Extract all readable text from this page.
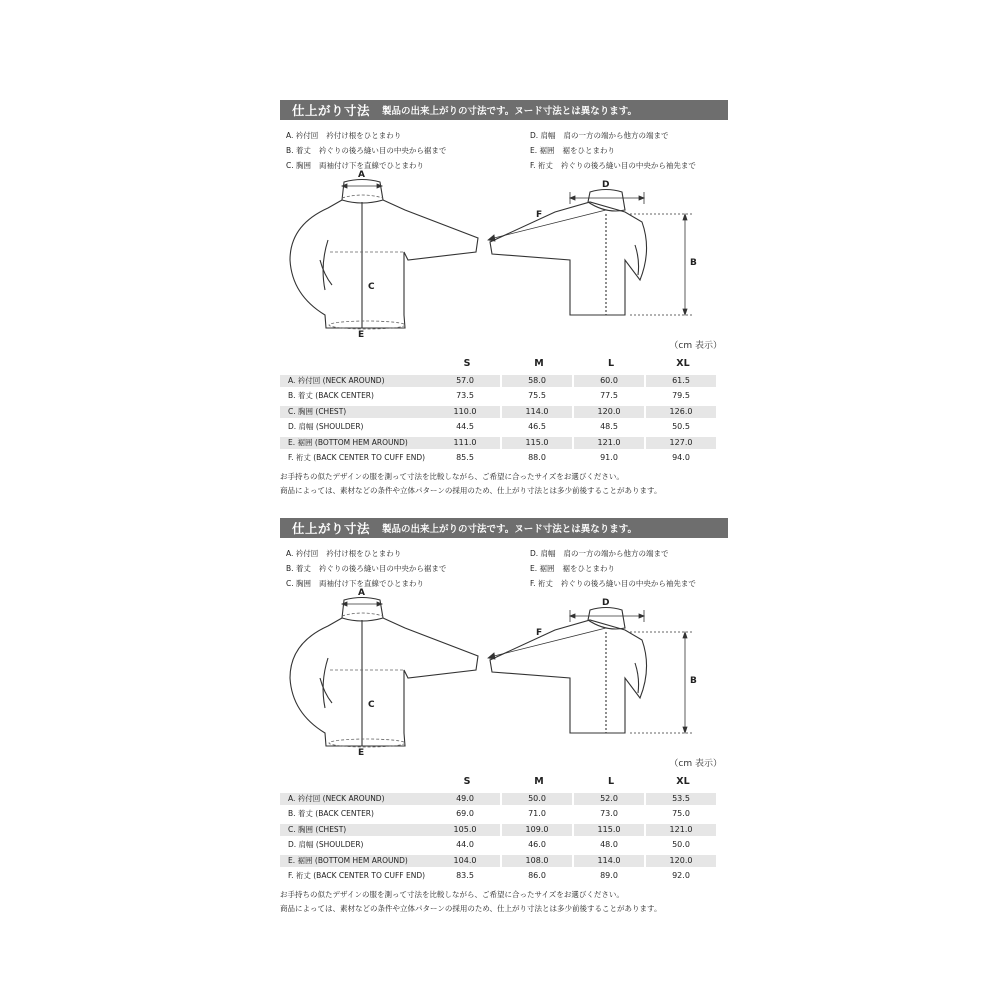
仕上がり寸法 製品の出来上がりの寸法です。ヌード寸法とは異なります。
A. 衿付回 衿付け根をひとまわり
B. 着丈 衿ぐりの後ろ縫い目の中央から裾まで
C. 胸囲 両袖付け下を直線でひとまわり
D. 肩幅 肩の一方の端から他方の端まで
E. 裾囲 裾をひとまわり
F. 裄丈 衿ぐりの後ろ縫い目の中央から袖先まで
A
B
C
D
E
F
（cm 表示）
S	M	L	XL
A. 衿付回 (NECK AROUND)	57.0	58.0	60.0	61.5
B. 着丈 (BACK CENTER)	73.5	75.5	77.5	79.5
C. 胸囲 (CHEST)	110.0	114.0	120.0	126.0
D. 肩幅 (SHOULDER)	44.5	46.5	48.5	50.5
E. 裾囲 (BOTTOM HEM AROUND)	111.0	115.0	121.0	127.0
F. 裄丈 (BACK CENTER TO CUFF END)	85.5	88.0	91.0	94.0
お手持ちの似たデザインの服を測って寸法を比較しながら、ご希望に合ったサイズをお選びください。
商品によっては、素材などの条件や立体パターンの採用のため、仕上がり寸法とは多少前後することがあります。
仕上がり寸法 製品の出来上がりの寸法です。ヌード寸法とは異なります。
A. 衿付回 衿付け根をひとまわり
B. 着丈 衿ぐりの後ろ縫い目の中央から裾まで
C. 胸囲 両袖付け下を直線でひとまわり
D. 肩幅 肩の一方の端から他方の端まで
E. 裾囲 裾をひとまわり
F. 裄丈 衿ぐりの後ろ縫い目の中央から袖先まで
A
B
C
D
E
F
（cm 表示）
S	M	L	XL
A. 衿付回 (NECK AROUND)	49.0	50.0	52.0	53.5
B. 着丈 (BACK CENTER)	69.0	71.0	73.0	75.0
C. 胸囲 (CHEST)	105.0	109.0	115.0	121.0
D. 肩幅 (SHOULDER)	44.0	46.0	48.0	50.0
E. 裾囲 (BOTTOM HEM AROUND)	104.0	108.0	114.0	120.0
F. 裄丈 (BACK CENTER TO CUFF END)	83.5	86.0	89.0	92.0
お手持ちの似たデザインの服を測って寸法を比較しながら、ご希望に合ったサイズをお選びください。
商品によっては、素材などの条件や立体パターンの採用のため、仕上がり寸法とは多少前後することがあります。
